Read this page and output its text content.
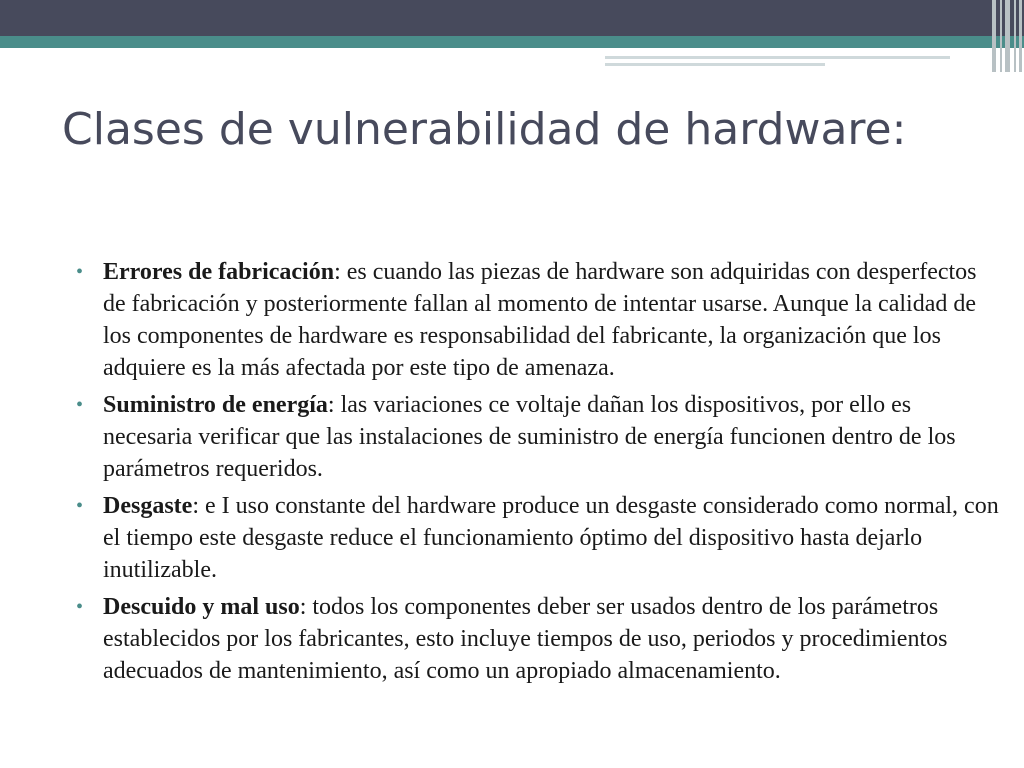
Clases de vulnerabilidad de hardware:
• Errores de fabricación: es cuando las piezas de hardware son adquiridas con desperfectos de fabricación y posteriormente fallan al momento de intentar usarse. Aunque la calidad de los componentes de hardware es responsabilidad del fabricante, la organización que los adquiere es la más afectada por este tipo de amenaza.
• Suministro de energía: las variaciones ce voltaje dañan los dispositivos, por ello es necesaria verificar que las instalaciones de suministro de energía funcionen dentro de los parámetros requeridos.
• Desgaste: e I uso constante del hardware produce un desgaste considerado como normal, con el tiempo este desgaste reduce el funcionamiento óptimo del dispositivo hasta dejarlo inutilizable.
• Descuido y mal uso: todos los componentes deber ser usados dentro de los parámetros establecidos por los fabricantes, esto incluye tiempos de uso, periodos y procedimientos adecuados de mantenimiento, así como un apropiado almacenamiento.
